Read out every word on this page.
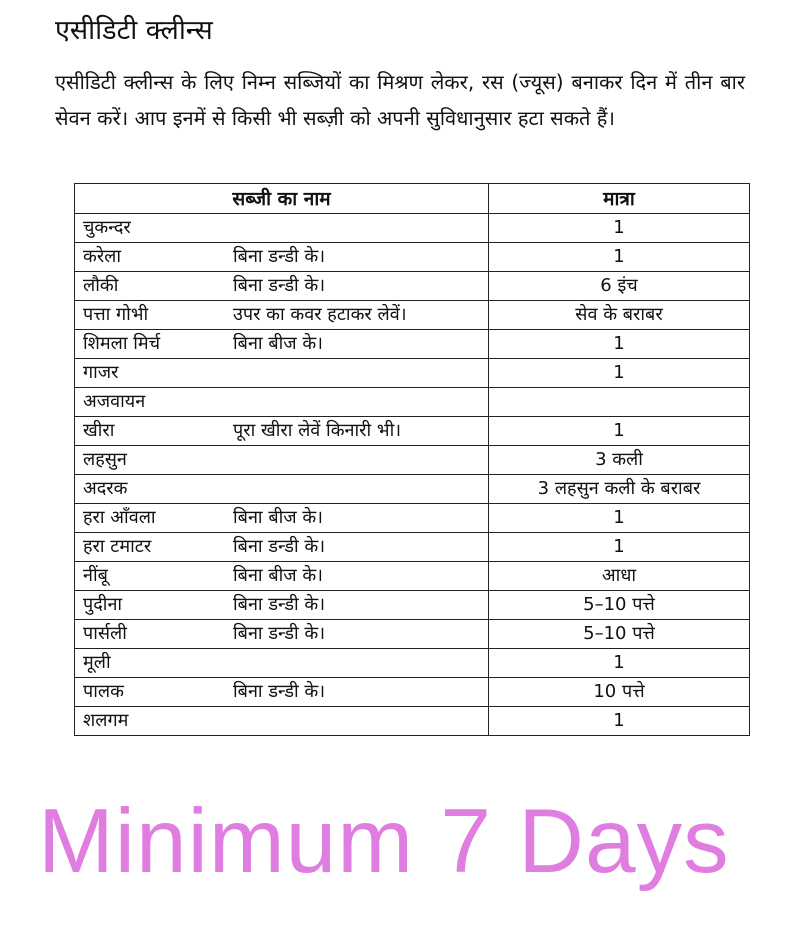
एसीडिटी क्लीन्स

एसीडिटी क्लीन्स के लिए निम्न सब्जियों का मिश्रण लेकर, रस (ज्यूस) बनाकर दिन में तीन बार सेवन करें। आप इनमें से किसी भी सब्ज़ी को अपनी सुविधानुसार हटा सकते हैं।

सब्जी का नाम	मात्रा
चुकन्दर	1
करेला बिना डन्डी के।	1
लौकी बिना डन्डी के।	6 इंच
पत्ता गोभी उपर का कवर हटाकर लेवें।	सेव के बराबर
शिमला मिर्च बिना बीज के।	1
गाजर	1
अजवायन	
खीरा पूरा खीरा लेवें किनारी भी।	1
लहसुन	3 कली
अदरक	3 लहसुन कली के बराबर
हरा आँवला बिना बीज के।	1
हरा टमाटर बिना डन्डी के।	1
नींबू बिना बीज के।	आधा
पुदीना बिना डन्डी के।	5–10 पत्ते
पार्सली बिना डन्डी के।	5–10 पत्ते
मूली	1
पालक बिना डन्डी के।	10 पत्ते
शलगम	1
Minimum 7 Days
